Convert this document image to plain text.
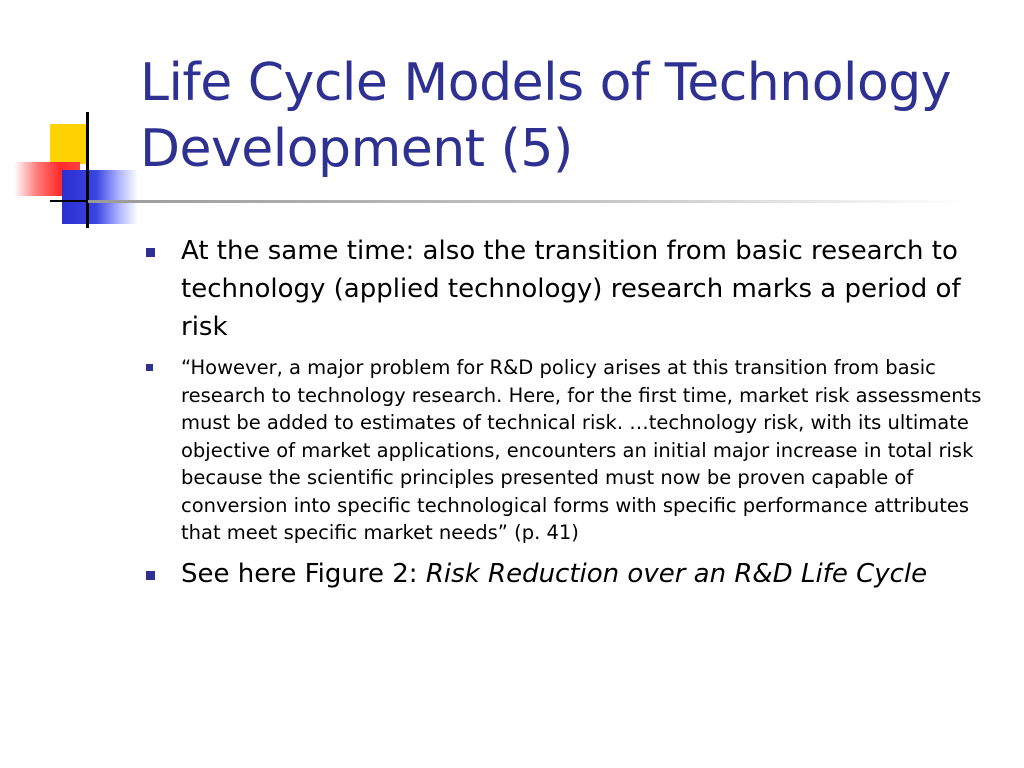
Life Cycle Models of Technology Development (5)
At the same time: also the transition from basic research to technology (applied technology) research marks a period of risk
“However, a major problem for R&D policy arises at this transition from basic research to technology research. Here, for the first time, market risk assessments must be added to estimates of technical risk. …technology risk, with its ultimate objective of market applications, encounters an initial major increase in total risk because the scientific principles presented must now be proven capable of conversion into specific technological forms with specific performance attributes that meet specific market needs” (p. 41)
See here Figure 2: Risk Reduction over an R&D Life Cycle
